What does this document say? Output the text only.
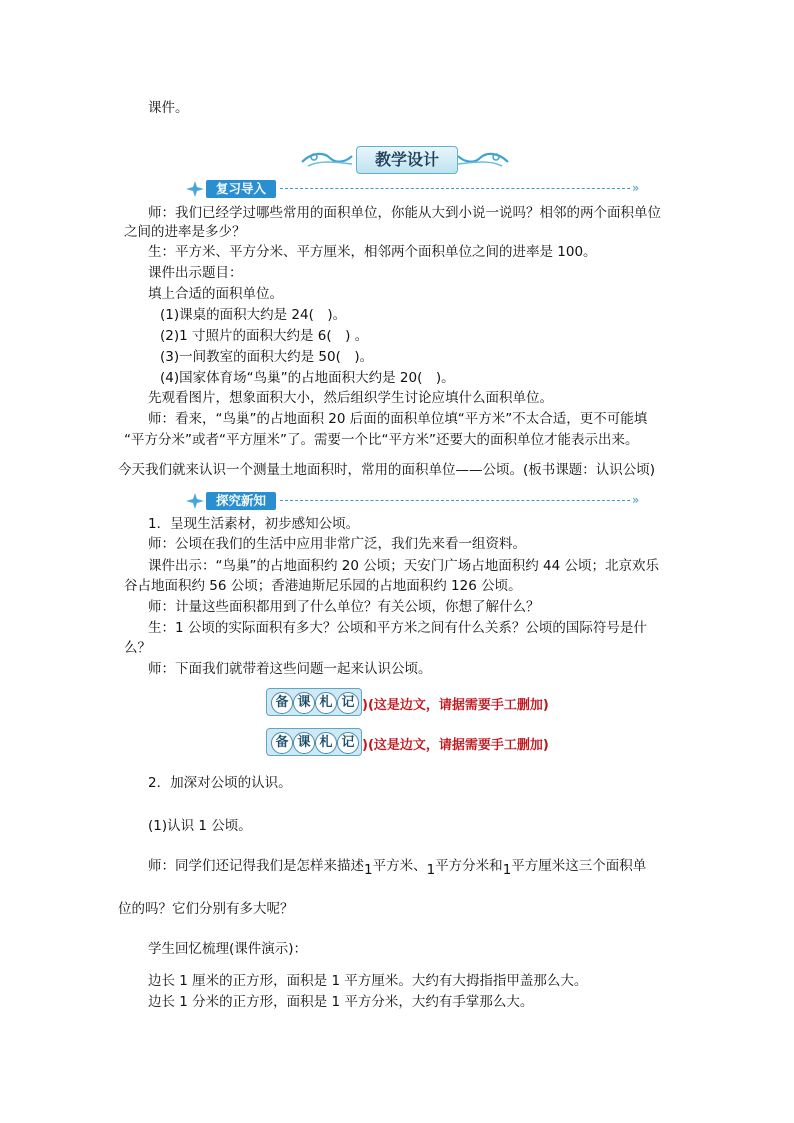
课件。
教学设计
复习导入	»
师：我们已经学过哪些常用的面积单位，你能从大到小说一说吗？相邻的两个面积单位
之间的进率是多少？
生：平方米、平方分米、平方厘米，相邻两个面积单位之间的进率是 100。
课件出示题目：
填上合适的面积单位。
(1)课桌的面积大约是 24(　)。
(2)1 寸照片的面积大约是 6(　) 。
(3)一间教室的面积大约是 50(　)。
(4)国家体育场“鸟巢”的占地面积大约是 20(　)。
先观看图片，想象面积大小，然后组织学生讨论应填什么面积单位。
师：看来，“鸟巢”的占地面积 20 后面的面积单位填“平方米”不太合适，更不可能填
“平方分米”或者“平方厘米”了。需要一个比“平方米”还要大的面积单位才能表示出来。
今天我们就来认识一个测量土地面积时，常用的面积单位——公顷。(板书课题：认识公顷)
探究新知	»
1．呈现生活素材，初步感知公顷。
师：公顷在我们的生活中应用非常广泛，我们先来看一组资料。
课件出示：“鸟巢”的占地面积约 20 公顷；天安门广场占地面积约 44 公顷；北京欢乐
谷占地面积约 56 公顷；香港迪斯尼乐园的占地面积约 126 公顷。
师：计量这些面积都用到了什么单位？有关公顷，你想了解什么？
生：1 公顷的实际面积有多大？公顷和平方米之间有什么关系？公顷的国际符号是什
么？
师：下面我们就带着这些问题一起来认识公顷。
备 课 札 记 )(这是边文，请据需要手工删加)
备 课 札 记 )(这是边文，请据需要手工删加)
2．加深对公顷的认识。
(1)认识 1 公顷。
师：同学们还记得我们是怎样来描述1平方米、1平方分米和1平方厘米这三个面积单
位的吗？它们分别有多大呢？
学生回忆梳理(课件演示)：
边长 1 厘米的正方形，面积是 1 平方厘米。大约有大拇指指甲盖那么大。
边长 1 分米的正方形，面积是 1 平方分米，大约有手掌那么大。
